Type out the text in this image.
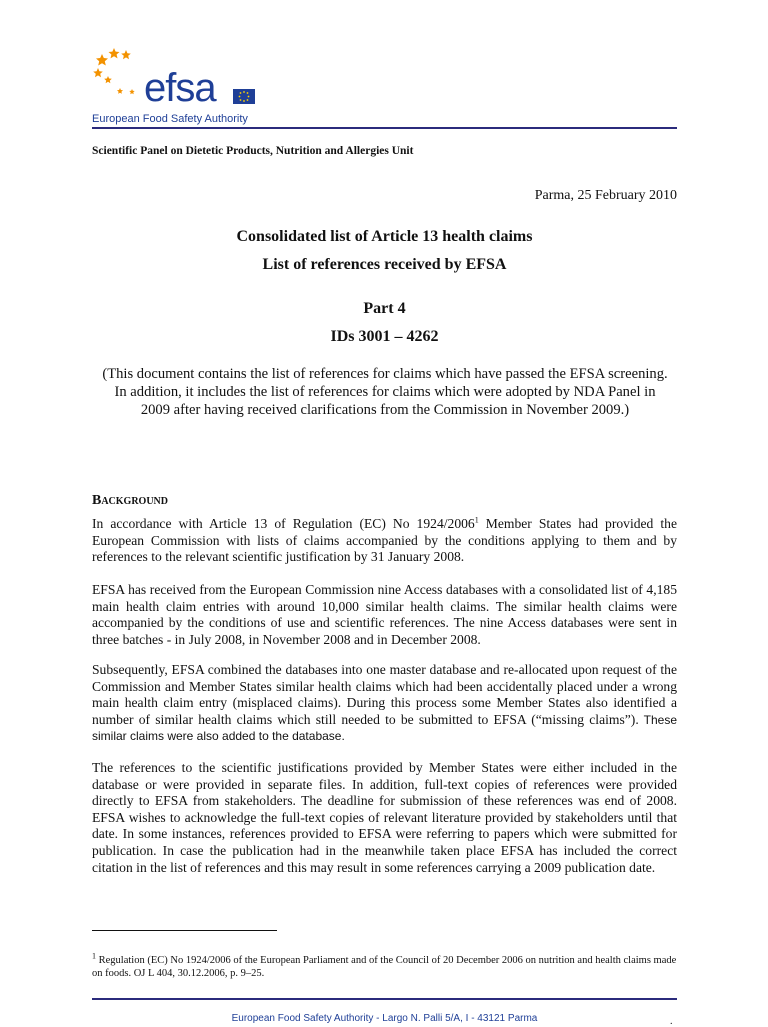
efsa
European Food Safety Authority
Scientific Panel on Dietetic Products, Nutrition and Allergies Unit
Parma, 25 February 2010
Consolidated list of Article 13 health claims
List of references received by EFSA
Part 4
IDs 3001 – 4262
(This document contains the list of references for claims which have passed the EFSA screening. In addition, it includes the list of references for claims which were adopted by NDA Panel in 2009 after having received clarifications from the Commission in November 2009.)
Background
In accordance with Article 13 of Regulation (EC) No 1924/2006$^1$ Member States had provided the European Commission with lists of claims accompanied by the conditions applying to them and by references to the relevant scientific justification by 31 January 2008.
EFSA has received from the European Commission nine Access databases with a consolidated list of 4,185 main health claim entries with around 10,000 similar health claims. The similar health claims were accompanied by the conditions of use and scientific references. The nine Access databases were sent in three batches - in July 2008, in November 2008 and in December 2008.
Subsequently, EFSA combined the databases into one master database and re-allocated upon request of the Commission and Member States similar health claims which had been accidentally placed under a wrong main health claim entry (misplaced claims). During this process some Member States also identified a number of similar health claims which still needed to be submitted to EFSA (“missing claims”). These similar claims were also added to the database.
The references to the scientific justifications provided by Member States were either included in the database or were provided in separate files. In addition, full-text copies of references were provided directly to EFSA from stakeholders. The deadline for submission of these references was end of 2008. EFSA wishes to acknowledge the full-text copies of relevant literature provided by stakeholders until that date. In some instances, references provided to EFSA were referring to papers which were submitted for publication. In case the publication had in the meanwhile taken place EFSA has included the correct citation in the list of references and this may result in some references carrying a 2009 publication date.
$^1$ Regulation (EC) No 1924/2006 of the European Parliament and of the Council of 20 December 2006 on nutrition and health claims made on foods. OJ L 404, 30.12.2006, p. 9–25.
European Food Safety Authority - Largo N. Palli 5/A, I - 43121 Parma	.
